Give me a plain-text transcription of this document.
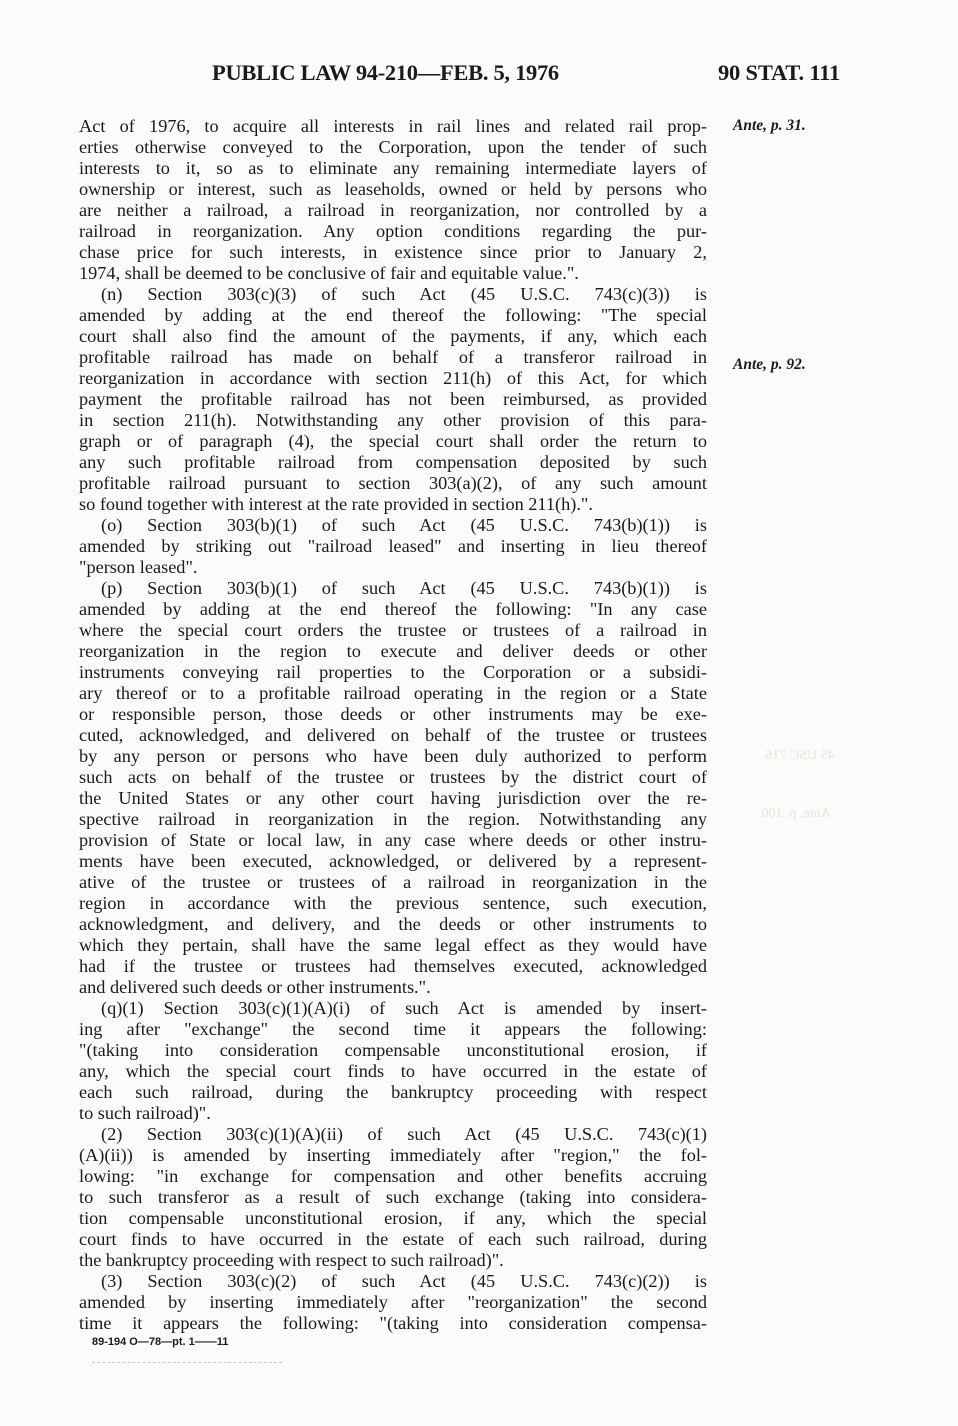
PUBLIC LAW 94-210—FEB. 5, 1976	90 STAT. 111
Ante, p. 31.
Ante, p. 92.
45 USC 716.
Ante, p. 100.
Act of 1976, to acquire all interests in rail lines and related rail prop-
erties otherwise conveyed to the Corporation, upon the tender of such
interests to it, so as to eliminate any remaining intermediate layers of
ownership or interest, such as leaseholds, owned or held by persons who
are neither a railroad, a railroad in reorganization, nor controlled by a
railroad in reorganization. Any option conditions regarding the pur-
chase price for such interests, in existence since prior to January 2,
1974, shall be deemed to be conclusive of fair and equitable value.".
(n) Section 303(c)(3) of such Act (45 U.S.C. 743(c)(3)) is
amended by adding at the end thereof the following: "The special
court shall also find the amount of the payments, if any, which each
profitable railroad has made on behalf of a transferor railroad in
reorganization in accordance with section 211(h) of this Act, for which
payment the profitable railroad has not been reimbursed, as provided
in section 211(h). Notwithstanding any other provision of this para-
graph or of paragraph (4), the special court shall order the return to
any such profitable railroad from compensation deposited by such
profitable railroad pursuant to section 303(a)(2), of any such amount
so found together with interest at the rate provided in section 211(h).".
(o) Section 303(b)(1) of such Act (45 U.S.C. 743(b)(1)) is
amended by striking out "railroad leased" and inserting in lieu thereof
"person leased".
(p) Section 303(b)(1) of such Act (45 U.S.C. 743(b)(1)) is
amended by adding at the end thereof the following: "In any case
where the special court orders the trustee or trustees of a railroad in
reorganization in the region to execute and deliver deeds or other
instruments conveying rail properties to the Corporation or a subsidi-
ary thereof or to a profitable railroad operating in the region or a State
or responsible person, those deeds or other instruments may be exe-
cuted, acknowledged, and delivered on behalf of the trustee or trustees
by any person or persons who have been duly authorized to perform
such acts on behalf of the trustee or trustees by the district court of
the United States or any other court having jurisdiction over the re-
spective railroad in reorganization in the region. Notwithstanding any
provision of State or local law, in any case where deeds or other instru-
ments have been executed, acknowledged, or delivered by a represent-
ative of the trustee or trustees of a railroad in reorganization in the
region in accordance with the previous sentence, such execution,
acknowledgment, and delivery, and the deeds or other instruments to
which they pertain, shall have the same legal effect as they would have
had if the trustee or trustees had themselves executed, acknowledged
and delivered such deeds or other instruments.".
(q)(1) Section 303(c)(1)(A)(i) of such Act is amended by insert-
ing after "exchange" the second time it appears the following:
"(taking into consideration compensable unconstitutional erosion, if
any, which the special court finds to have occurred in the estate of
each such railroad, during the bankruptcy proceeding with respect
to such railroad)".
(2) Section 303(c)(1)(A)(ii) of such Act (45 U.S.C. 743(c)(1)
(A)(ii)) is amended by inserting immediately after "region," the fol-
lowing: "in exchange for compensation and other benefits accruing
to such transferor as a result of such exchange (taking into considera-
tion compensable unconstitutional erosion, if any, which the special
court finds to have occurred in the estate of each such railroad, during
the bankruptcy proceeding with respect to such railroad)".
(3) Section 303(c)(2) of such Act (45 U.S.C. 743(c)(2)) is
amended by inserting immediately after "reorganization" the second
time it appears the following: "(taking into consideration compensa-
89-194 O—78—pt. 1——11
